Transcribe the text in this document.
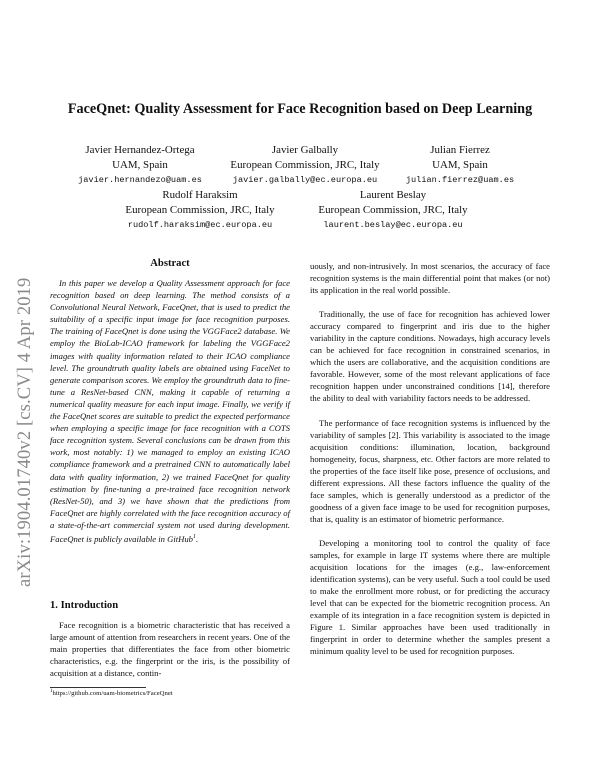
arXiv:1904.01740v2 [cs.CV] 4 Apr 2019
FaceQnet: Quality Assessment for Face Recognition based on Deep Learning
Javier Hernandez-Ortega
UAM, Spain
javier.hernandezo@uam.es
Javier Galbally
European Commission, JRC, Italy
javier.galbally@ec.europa.eu
Julian Fierrez
UAM, Spain
julian.fierrez@uam.es
Rudolf Haraksim
European Commission, JRC, Italy
rudolf.haraksim@ec.europa.eu
Laurent Beslay
European Commission, JRC, Italy
laurent.beslay@ec.europa.eu
Abstract

In this paper we develop a Quality Assessment approach for face recognition based on deep learning. The method consists of a Convolutional Neural Network, FaceQnet, that is used to predict the suitability of a specific input image for face recognition purposes. The training of FaceQnet is done using the VGGFace2 database. We employ the BioLab-ICAO framework for labeling the VGGFace2 images with quality information related to their ICAO compliance level. The groundtruth quality labels are obtained using FaceNet to generate comparison scores. We employ the groundtruth data to fine-tune a ResNet-based CNN, making it capable of returning a numerical quality measure for each input image. Finally, we verify if the FaceQnet scores are suitable to predict the expected performance when employing a specific image for face recognition with a COTS face recognition system. Several conclusions can be drawn from this work, most notably: 1) we managed to employ an existing ICAO compliance framework and a pretrained CNN to automatically label data with quality information, 2) we trained FaceQnet for quality estimation by fine-tuning a pre-trained face recognition network (ResNet-50), and 3) we have shown that the predictions from FaceQnet are highly correlated with the face recognition accuracy of a state-of-the-art commercial system not used during development. FaceQnet is publicly available in GitHub$^1$.

1. Introduction

Face recognition is a biometric characteristic that has received a large amount of attention from researchers in recent years. One of the main properties that differentiates the face from other biometric characteristics, e.g. the fingerprint or the iris, is the possibility of acquisition at a distance, contin-

$^1$https://github.com/uam-biometrics/FaceQnet

uously, and non-intrusively. In most scenarios, the accuracy of face recognition systems is the main differential point that makes (or not) its application in the real world possible.

Traditionally, the use of face for recognition has achieved lower accuracy compared to fingerprint and iris due to the higher variability in the capture conditions. Nowadays, high accuracy levels can be achieved for face recognition in constrained scenarios, in which the users are collaborative, and the acquisition conditions are favorable. However, some of the most relevant applications of face recognition happen under unconstrained conditions [14], therefore the ability to deal with variability factors needs to be addressed.

The performance of face recognition systems is influenced by the variability of samples [2]. This variability is associated to the image acquisition conditions: illumination, location, background homogeneity, focus, sharpness, etc. Other factors are more related to the properties of the face itself like pose, presence of occlusions, and different expressions. All these factors influence the quality of the face samples, which is generally understood as a predictor of the goodness of a given face image to be used for recognition purposes, that is, quality is an estimator of biometric performance.

Developing a monitoring tool to control the quality of face samples, for example in large IT systems where there are multiple acquisition locations for the images (e.g., law-enforcement identification systems), can be very useful. Such a tool could be used to make the enrollment more robust, or for predicting the accuracy level that can be expected for the biometric recognition process. An example of its integration in a face recognition system is depicted in Figure 1. Similar approaches have been used traditionally in fingerprint in order to determine whether the samples present a minimum quality level to be used for recognition purposes.
